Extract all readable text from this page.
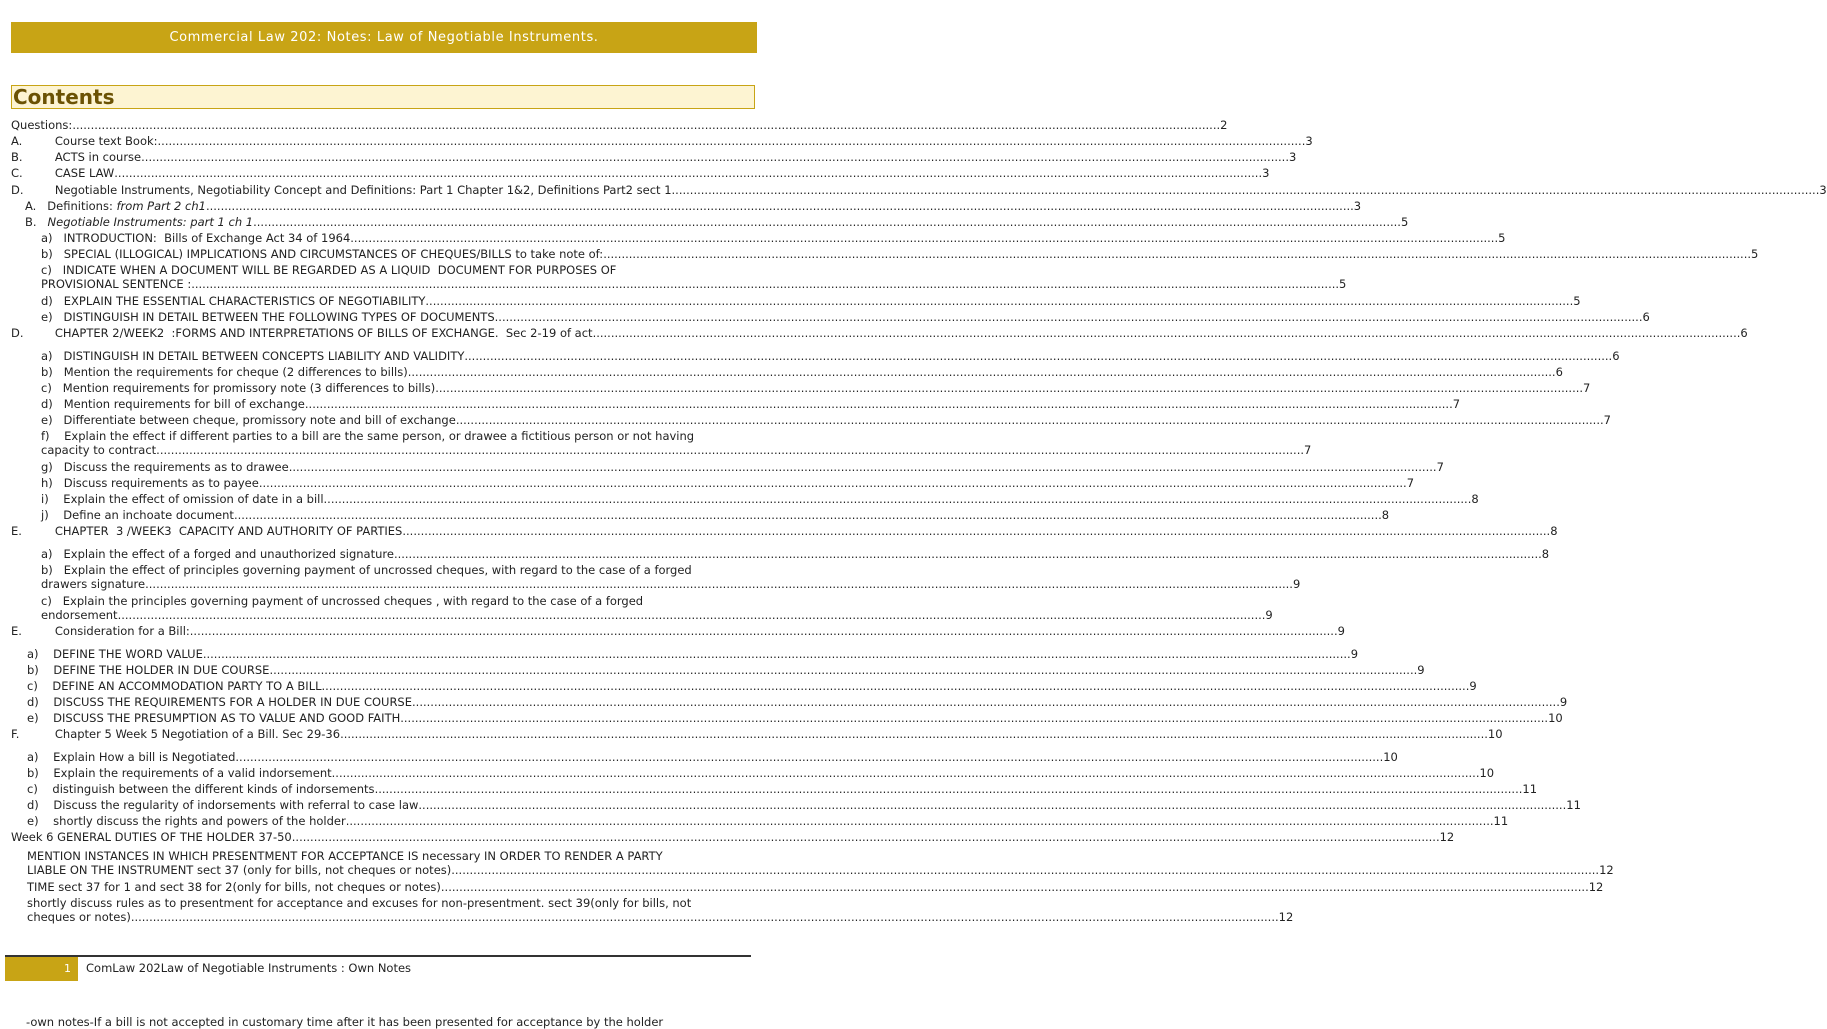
Commercial Law 202: Notes: Law of Negotiable Instruments.
Contents
Questions: .....	2
A.	Course text Book: .....	3
B.	ACTS in course .....	3
C.	CASE LAW .....	3
D.	Negotiable Instruments, Negotiability Concept and Definitions: Part 1 Chapter 1&2, Definitions Part2 sect 1 .....	3
A.   Definitions: from Part 2 ch1 .....	3
B.   Negotiable Instruments: part 1 ch 1 .....	5
a)   INTRODUCTION:  Bills of Exchange Act 34 of 1964 .....	5
b)   SPECIAL (ILLOGICAL) IMPLICATIONS AND CIRCUMSTANCES OF CHEQUES/BILLS to take note of: .....	5
c)   INDICATE WHEN A DOCUMENT WILL BE REGARDED AS A LIQUID  DOCUMENT FOR PURPOSES OF
PROVISIONAL SENTENCE : .....	5
d)   EXPLAIN THE ESSENTIAL CHARACTERISTICS OF NEGOTIABILITY .....	5
e)   DISTINGUISH IN DETAIL BETWEEN THE FOLLOWING TYPES OF DOCUMENTS .....	6
D.	CHAPTER 2/WEEK2  :FORMS AND INTERPRETATIONS OF BILLS OF EXCHANGE.  Sec 2-19 of act .....	6
a)   DISTINGUISH IN DETAIL BETWEEN CONCEPTS LIABILITY AND VALIDITY .....	6
b)   Mention the requirements for cheque (2 differences to bills) .....	6
c)   Mention requirements for promissory note (3 differences to bills) .....	7
d)   Mention requirements for bill of exchange .....	7
e)   Differentiate between cheque, promissory note and bill of exchange .....	7
f)    Explain the effect if different parties to a bill are the same person, or drawee a fictitious person or not having
capacity to contract .....	7
g)   Discuss the requirements as to drawee .....	7
h)   Discuss requirements as to payee .....	7
i)    Explain the effect of omission of date in a bill .....	8
j)    Define an inchoate document .....	8
E.	CHAPTER  3 /WEEK3  CAPACITY AND AUTHORITY OF PARTIES .....	8
a)   Explain the effect of a forged and unauthorized signature .....	8
b)   Explain the effect of principles governing payment of uncrossed cheques, with regard to the case of a forged
drawers signature .....	9
c)   Explain the principles governing payment of uncrossed cheques , with regard to the case of a forged
endorsement .....	9
E.	Consideration for a Bill: .....	9
a)    DEFINE THE WORD VALUE .....	9
b)    DEFINE THE HOLDER IN DUE COURSE .....	9
c)    DEFINE AN ACCOMMODATION PARTY TO A BILL .....	9
d)    DISCUSS THE REQUIREMENTS FOR A HOLDER IN DUE COURSE .....	9
e)    DISCUSS THE PRESUMPTION AS TO VALUE AND GOOD FAITH .....	10
F.	Chapter 5 Week 5 Negotiation of a Bill. Sec 29-36 .....	10
a)    Explain How a bill is Negotiated .....	10
b)    Explain the requirements of a valid indorsement .....	10
c)    distinguish between the different kinds of indorsements .....	11
d)    Discuss the regularity of indorsements with referral to case law .....	11
e)    shortly discuss the rights and powers of the holder .....	11
Week 6 GENERAL DUTIES OF THE HOLDER 37-50 .....	12
MENTION INSTANCES IN WHICH PRESENTMENT FOR ACCEPTANCE IS necessary IN ORDER TO RENDER A PARTY
LIABLE ON THE INSTRUMENT sect 37 (only for bills, not cheques or notes) .....	12
TIME sect 37 for 1 and sect 38 for 2(only for bills, not cheques or notes) .....	12
shortly discuss rules as to presentment for acceptance and excuses for non-presentment. sect 39(only for bills, not
cheques or notes) .....	12
1 ComLaw 202Law of Negotiable Instruments : Own Notes
-own notes-If a bill is not accepted in customary time after it has been presented for acceptance by the holder
